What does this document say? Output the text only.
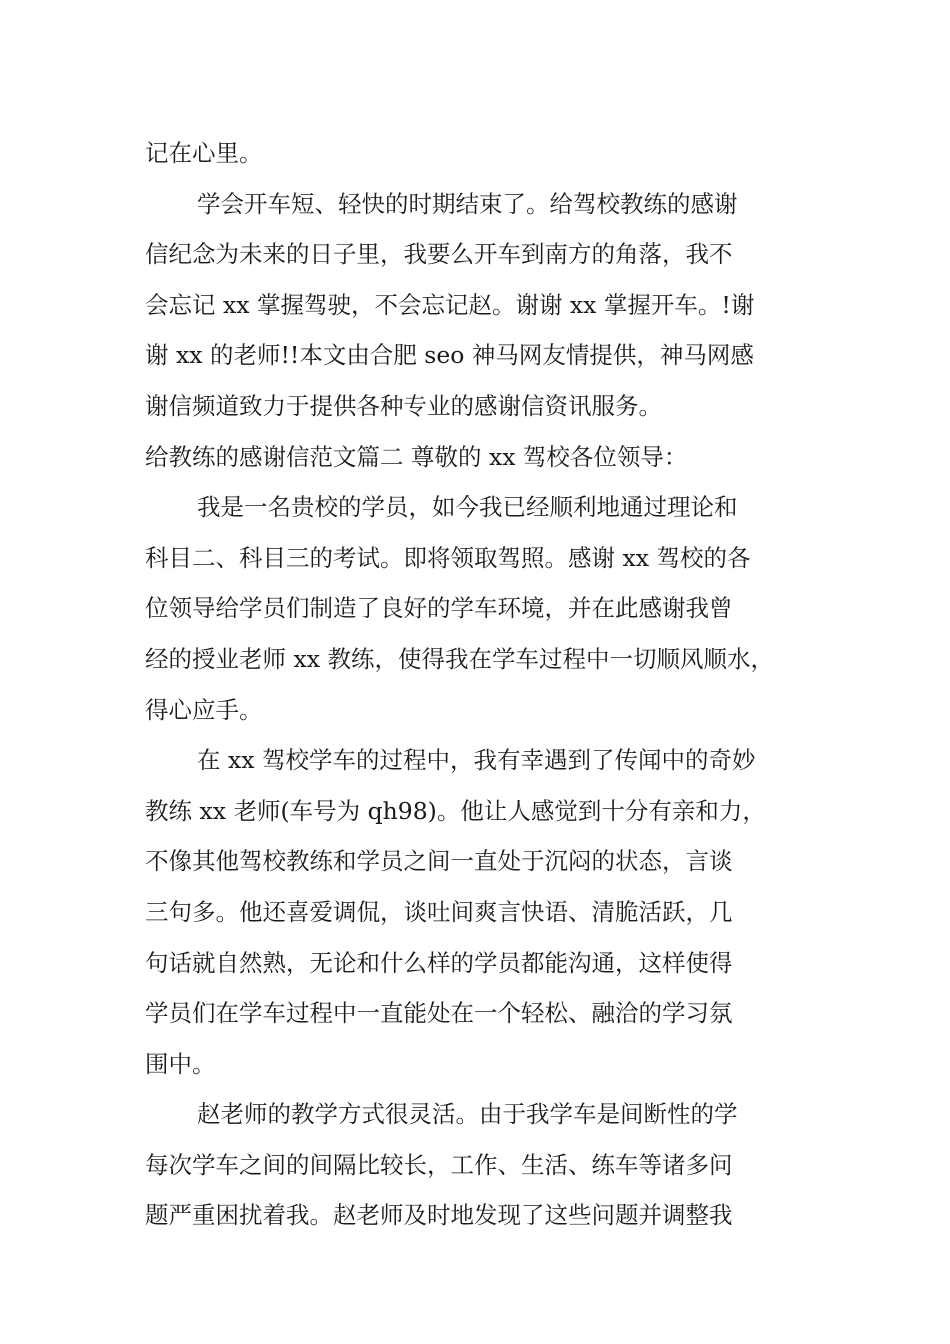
记在心里。
学会开车短、轻快的时期结束了。给驾校教练的感谢
信纪念为未来的日子里，我要么开车到南方的角落，我不
会忘记 xx 掌握驾驶，不会忘记赵。谢谢 xx 掌握开车。!谢
谢 xx 的老师!!本文由合肥 seo 神马网友情提供，神马网感
谢信频道致力于提供各种专业的感谢信资讯服务。
给教练的感谢信范文篇二 尊敬的 xx 驾校各位领导：
我是一名贵校的学员，如今我已经顺利地通过理论和
科目二、科目三的考试。即将领取驾照。感谢 xx 驾校的各
位领导给学员们制造了良好的学车环境，并在此感谢我曾
经的授业老师 xx 教练，使得我在学车过程中一切顺风顺水，
得心应手。
在 xx 驾校学车的过程中，我有幸遇到了传闻中的奇妙
教练 xx 老师(车号为 qh98)。他让人感觉到十分有亲和力，
不像其他驾校教练和学员之间一直处于沉闷的状态，言谈
三句多。他还喜爱调侃，谈吐间爽言快语、清脆活跃，几
句话就自然熟，无论和什么样的学员都能沟通，这样使得
学员们在学车过程中一直能处在一个轻松、融洽的学习氛
围中。
赵老师的教学方式很灵活。由于我学车是间断性的学
每次学车之间的间隔比较长，工作、生活、练车等诸多问
题严重困扰着我。赵老师及时地发现了这些问题并调整我
